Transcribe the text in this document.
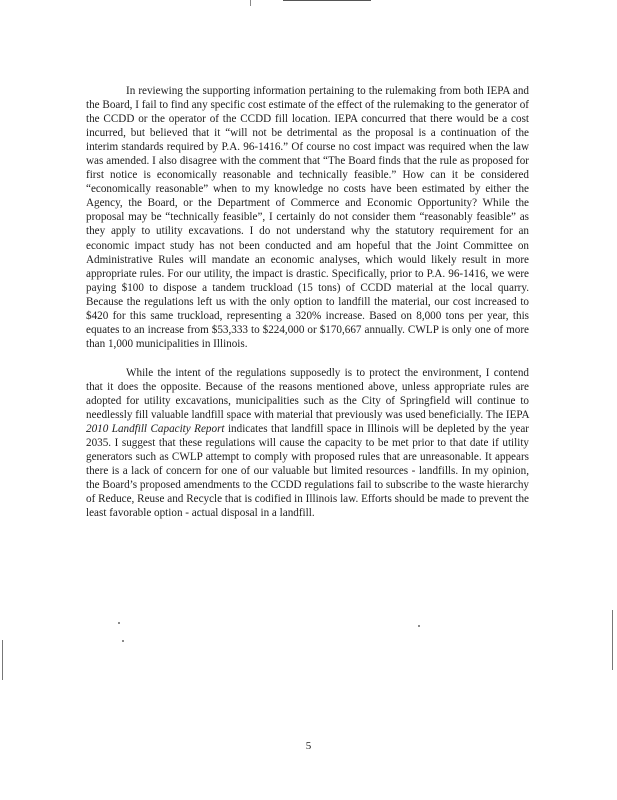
In reviewing the supporting information pertaining to the rulemaking from both IEPA and the Board, I fail to find any specific cost estimate of the effect of the rulemaking to the generator of the CCDD or the operator of the CCDD fill location. IEPA concurred that there would be a cost incurred, but believed that it “will not be detrimental as the proposal is a continuation of the interim standards required by P.A. 96-1416.” Of course no cost impact was required when the law was amended. I also disagree with the comment that “The Board finds that the rule as proposed for first notice is economically reasonable and technically feasible.” How can it be considered “economically reasonable” when to my knowledge no costs have been estimated by either the Agency, the Board, or the Department of Commerce and Economic Opportunity? While the proposal may be “technically feasible”, I certainly do not consider them “reasonably feasible” as they apply to utility excavations. I do not understand why the statutory requirement for an economic impact study has not been conducted and am hopeful that the Joint Committee on Administrative Rules will mandate an economic analyses, which would likely result in more appropriate rules. For our utility, the impact is drastic. Specifically, prior to P.A. 96-1416, we were paying $100 to dispose a tandem truckload (15 tons) of CCDD material at the local quarry. Because the regulations left us with the only option to landfill the material, our cost increased to $420 for this same truckload, representing a 320% increase. Based on 8,000 tons per year, this equates to an increase from $53,333 to $224,000 or $170,667 annually. CWLP is only one of more than 1,000 municipalities in Illinois.

While the intent of the regulations supposedly is to protect the environment, I contend that it does the opposite. Because of the reasons mentioned above, unless appropriate rules are adopted for utility excavations, municipalities such as the City of Springfield will continue to needlessly fill valuable landfill space with material that previously was used beneficially. The IEPA 2010 Landfill Capacity Report indicates that landfill space in Illinois will be depleted by the year 2035. I suggest that these regulations will cause the capacity to be met prior to that date if utility generators such as CWLP attempt to comply with proposed rules that are unreasonable. It appears there is a lack of concern for one of our valuable but limited resources - landfills. In my opinion, the Board’s proposed amendments to the CCDD regulations fail to subscribe to the waste hierarchy of Reduce, Reuse and Recycle that is codified in Illinois law. Efforts should be made to prevent the least favorable option - actual disposal in a landfill.

5
